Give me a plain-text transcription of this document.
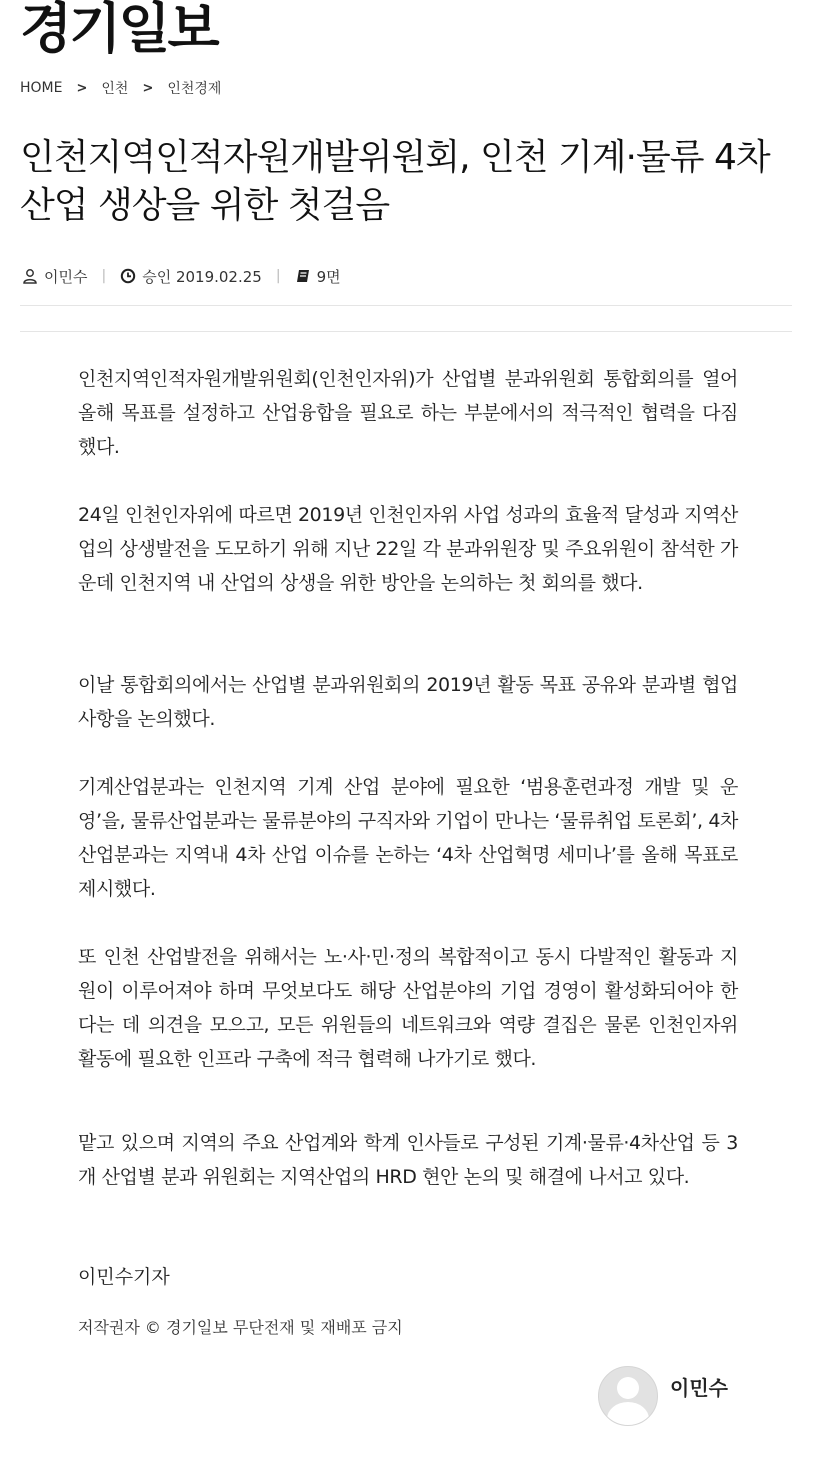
경기일보
HOME > 인천 > 인천경제
인천지역인적자원개발위원회, 인천 기계·물류 4차 산업 생상을 위한 첫걸음
이민수 | 승인 2019.02.25 | 9면

인천지역인적자원개발위원회(인천인자위)가 산업별 분과위원회 통합회의를 열어 올해 목표를 설정하고 산업융합을 필요로 하는 부분에서의 적극적인 협력을 다짐했다.

24일 인천인자위에 따르면 2019년 인천인자위 사업 성과의 효율적 달성과 지역산업의 상생발전을 도모하기 위해 지난 22일 각 분과위원장 및 주요위원이 참석한 가운데 인천지역 내 산업의 상생을 위한 방안을 논의하는 첫 회의를 했다.

이날 통합회의에서는 산업별 분과위원회의 2019년 활동 목표 공유와 분과별 협업 사항을 논의했다.

기계산업분과는 인천지역 기계 산업 분야에 필요한 ‘범용훈련과정 개발 및 운영’을, 물류산업분과는 물류분야의 구직자와 기업이 만나는 ‘물류취업 토론회’, 4차 산업분과는 지역내 4차 산업 이슈를 논하는 ‘4차 산업혁명 세미나’를 올해 목표로 제시했다.

또 인천 산업발전을 위해서는 노·사·민·정의 복합적이고 동시 다발적인 활동과 지원이 이루어져야 하며 무엇보다도 해당 산업분야의 기업 경영이 활성화되어야 한다는 데 의견을 모으고, 모든 위원들의 네트워크와 역량 결집은 물론 인천인자위 활동에 필요한 인프라 구축에 적극 협력해 나가기로 했다.

맡고 있으며 지역의 주요 산업계와 학계 인사들로 구성된 기계·물류·4차산업 등 3개 산업별 분과 위원회는 지역산업의 HRD 현안 논의 및 해결에 나서고 있다.

이민수기자
저작권자 © 경기일보 무단전재 및 재배포 금지
이민수
